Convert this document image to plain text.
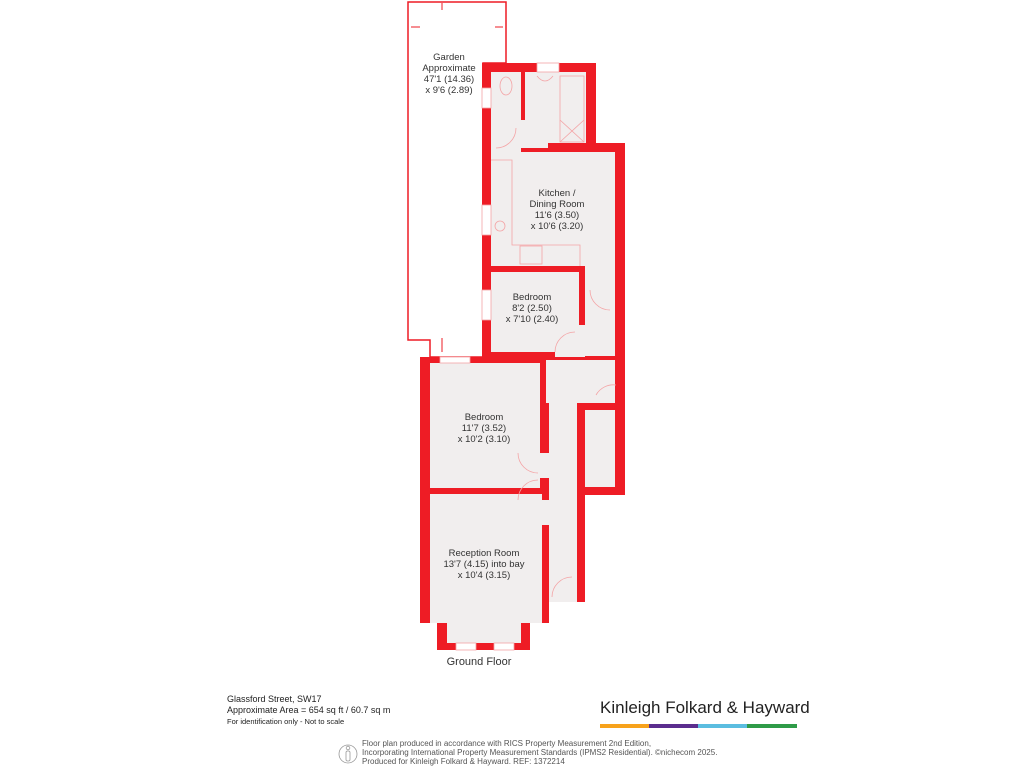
Garden
Approximate
47'1 (14.36)
x 9'6 (2.89)
Kitchen /
Dining Room
11'6 (3.50)
x 10'6 (3.20)
Bedroom
8'2 (2.50)
x 7'10 (2.40)
Bedroom
11'7 (3.52)
x 10'2 (3.10)
Reception Room
13'7 (4.15) into bay
x 10'4 (3.15)
Ground Floor
Glassford Street, SW17
Approximate Area = 654 sq ft / 60.7 sq m
For identification only - Not to scale
Kinleigh Folkard & Hayward
Floor plan produced in accordance with RICS Property Measurement 2nd Edition,
Incorporating International Property Measurement Standards (IPMS2 Residential). ©nichecom 2025.
Produced for Kinleigh Folkard & Hayward. REF: 1372214
